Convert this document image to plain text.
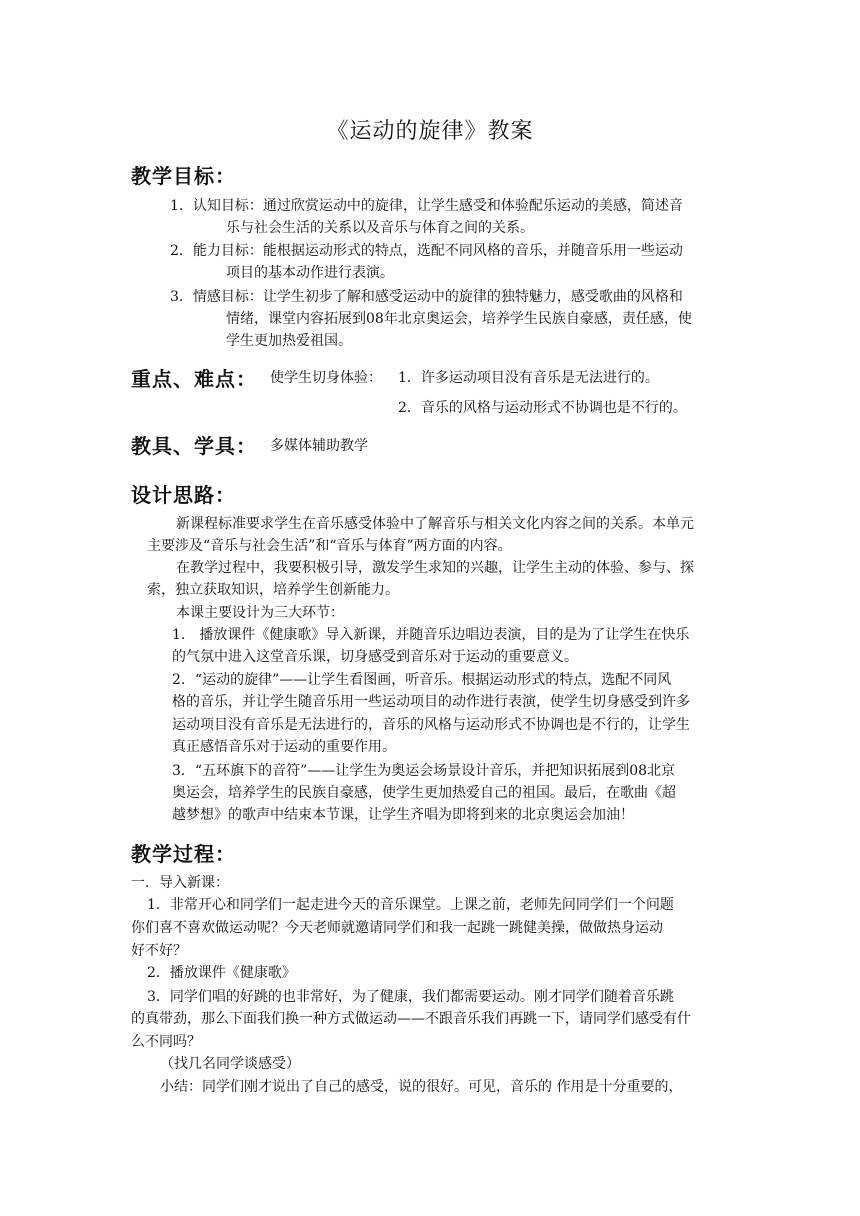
《运动的旋律》教案
教学目标：
1．认知目标：通过欣赏运动中的旋律，让学生感受和体验配乐运动的美感，简述音
乐与社会生活的关系以及音乐与体育之间的关系。
2．能力目标：能根据运动形式的特点，选配不同风格的音乐，并随音乐用一些运动
项目的基本动作进行表演。
3．情感目标：让学生初步了解和感受运动中的旋律的独特魅力，感受歌曲的风格和
情绪，课堂内容拓展到08年北京奥运会，培养学生民族自豪感，责任感，使
学生更加热爱祖国。
重点、难点： 使学生切身体验： 1．许多运动项目没有音乐是无法进行的。
2．音乐的风格与运动形式不协调也是不行的。
教具、学具： 多媒体辅助教学
设计思路：
新课程标准要求学生在音乐感受体验中了解音乐与相关文化内容之间的关系。本单元
主要涉及“音乐与社会生活”和“音乐与体育”两方面的内容。
在教学过程中，我要积极引导，激发学生求知的兴趣，让学生主动的体验、参与、探
索，独立获取知识，培养学生创新能力。
本课主要设计为三大环节：
1． 播放课件《健康歌》导入新课，并随音乐边唱边表演，目的是为了让学生在快乐
的气氛中进入这堂音乐课，切身感受到音乐对于运动的重要意义。
2．“运动的旋律”——让学生看图画，听音乐。根据运动形式的特点，选配不同风
格的音乐，并让学生随音乐用一些运动项目的动作进行表演，使学生切身感受到许多
运动项目没有音乐是无法进行的，音乐的风格与运动形式不协调也是不行的，让学生
真正感悟音乐对于运动的重要作用。
3．“五环旗下的音符”——让学生为奥运会场景设计音乐，并把知识拓展到08北京
奥运会，培养学生的民族自豪感，使学生更加热爱自己的祖国。最后，在歌曲《超
越梦想》的歌声中结束本节课，让学生齐唱为即将到来的北京奥运会加油！
教学过程：
一．导入新课：
1．非常开心和同学们一起走进今天的音乐课堂。上课之前，老师先问同学们一个问题
你们喜不喜欢做运动呢？今天老师就邀请同学们和我一起跳一跳健美操，做做热身运动
好不好？
2．播放课件《健康歌》
3．同学们唱的好跳的也非常好，为了健康，我们都需要运动。刚才同学们随着音乐跳
的真带劲，那么下面我们换一种方式做运动——不跟音乐我们再跳一下，请同学们感受有什
么不同吗？
（找几名同学谈感受）
小结：同学们刚才说出了自己的感受，说的很好。可见，音乐的 作用是十分重要的，
